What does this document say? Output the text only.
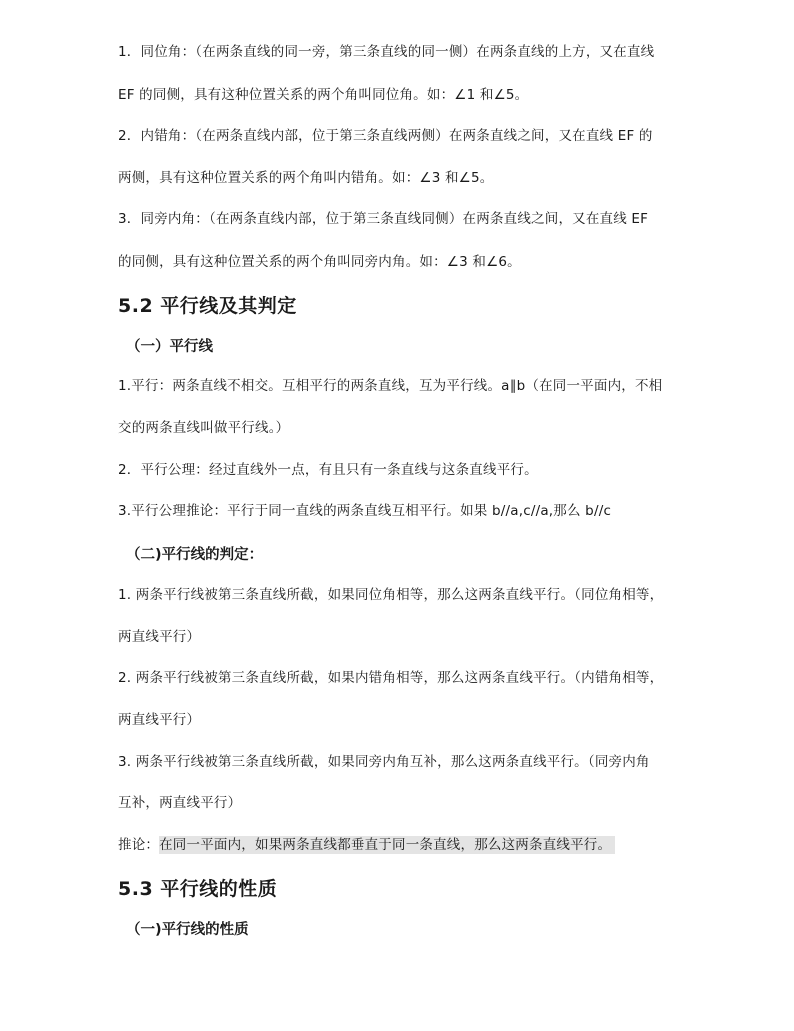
1．同位角：（在两条直线的同一旁，第三条直线的同一侧）在两条直线的上方，又在直线
EF 的同侧，具有这种位置关系的两个角叫同位角。如：∠1 和∠5。
2．内错角：（在两条直线内部，位于第三条直线两侧）在两条直线之间，又在直线 EF 的
两侧，具有这种位置关系的两个角叫内错角。如：∠3 和∠5。
3．同旁内角：（在两条直线内部，位于第三条直线同侧）在两条直线之间，又在直线 EF
的同侧，具有这种位置关系的两个角叫同旁内角。如：∠3 和∠6。
5.2 平行线及其判定
（一）平行线
1.平行：两条直线不相交。互相平行的两条直线，互为平行线。a∥b（在同一平面内，不相
交的两条直线叫做平行线。）
2．平行公理：经过直线外一点，有且只有一条直线与这条直线平行。
3.平行公理推论：平行于同一直线的两条直线互相平行。如果 b//a,c//a,那么 b//c
（二)平行线的判定：
1. 两条平行线被第三条直线所截，如果同位角相等，那么这两条直线平行。（同位角相等，
两直线平行）
2. 两条平行线被第三条直线所截，如果内错角相等，那么这两条直线平行。（内错角相等，
两直线平行）
3. 两条平行线被第三条直线所截，如果同旁内角互补，那么这两条直线平行。（同旁内角
互补，两直线平行）
推论：在同一平面内，如果两条直线都垂直于同一条直线，那么这两条直线平行。
5.3 平行线的性质
（一)平行线的性质
